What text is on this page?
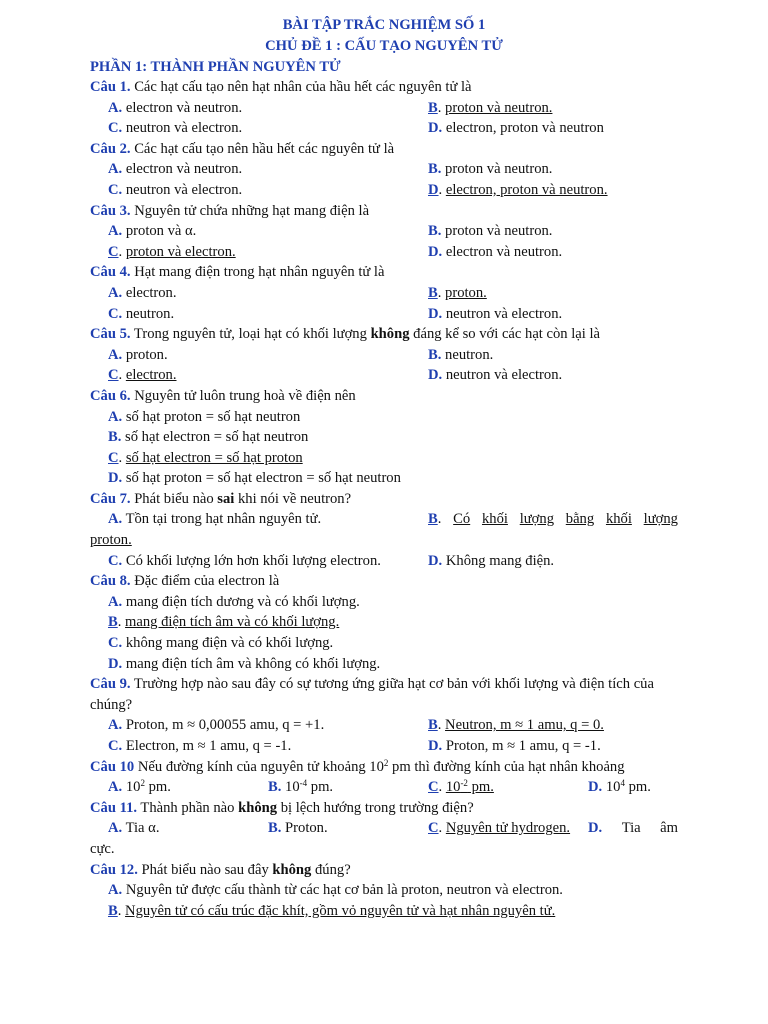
BÀI TẬP TRẮC NGHIỆM SỐ 1
CHỦ ĐỀ 1 : CẤU TẠO NGUYÊN TỬ
PHẦN 1: THÀNH PHẦN NGUYÊN TỬ
Câu 1. Các hạt cấu tạo nên hạt nhân của hầu hết các nguyên tử là
A. electron và neutron.	B. proton và neutron.
C. neutron và electron.	D. electron, proton và neutron
Câu 2. Các hạt cấu tạo nên hầu hết các nguyên tử là
A. electron và neutron.	B. proton và neutron.
C. neutron và electron.	D. electron, proton và neutron.
Câu 3. Nguyên tử chứa những hạt mang điện là
A. proton và α.	B. proton và neutron.
C. proton và electron.	D. electron và neutron.
Câu 4. Hạt mang điện trong hạt nhân nguyên tử là
A. electron.	B. proton.
C. neutron.	D. neutron và electron.
Câu 5. Trong nguyên tử, loại hạt có khối lượng không đáng kể so với các hạt còn lại là
A. proton.	B. neutron.
C. electron.	D. neutron và electron.
Câu 6. Nguyên tử luôn trung hoà về điện nên
A. số hạt proton = số hạt neutron
B. số hạt electron = số hạt neutron
C. số hạt electron = số hạt proton
D. số hạt proton = số hạt electron = số hạt neutron
Câu 7. Phát biểu nào sai khi nói về neutron?
A. Tồn tại trong hạt nhân nguyên tử.	B. Có khối lượng bằng khối lượng
proton.
C. Có khối lượng lớn hơn khối lượng electron.	D. Không mang điện.
Câu 8. Đặc điểm của electron là
A. mang điện tích dương và có khối lượng.
B. mang điện tích âm và có khối lượng.
C. không mang điện và có khối lượng.
D. mang điện tích âm và không có khối lượng.
Câu 9. Trường hợp nào sau đây có sự tương ứng giữa hạt cơ bản với khối lượng và điện tích của
chúng?
A. Proton, m ≈ 0,00055 amu, q = +1.	B. Neutron, m ≈ 1 amu, q = 0.
C. Electron, m ≈ 1 amu, q = -1.	D. Proton, m ≈ 1 amu, q = -1.
Câu 10 Nếu đường kính của nguyên tử khoảng $10^2$ pm thì đường kính của hạt nhân khoảng
A. $10^2$ pm.	B. $10^{-4}$ pm.	C. $10^{-2}$ pm.	D. $10^4$ pm.
Câu 11. Thành phần nào không bị lệch hướng trong trường điện?
A. Tia α.	B. Proton.	C. Nguyên tử hydrogen. D. Tia âm
cực.
Câu 12. Phát biểu nào sau đây không đúng?
A. Nguyên tử được cấu thành từ các hạt cơ bản là proton, neutron và electron.
B. Nguyên tử có cấu trúc đặc khít, gồm vỏ nguyên tử và hạt nhân nguyên tử.
